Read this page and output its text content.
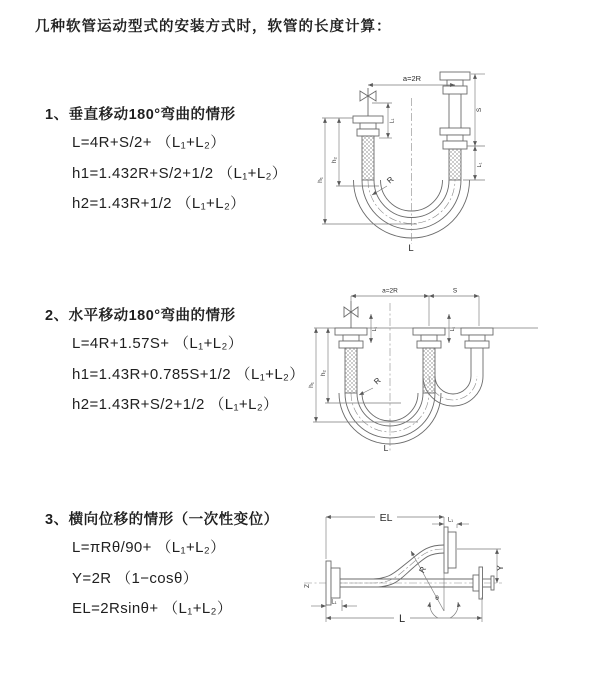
几种软管运动型式的安装方式时，软管的长度计算：

1、垂直移动180°弯曲的情形

L=4R+S/2+ （L₁+L₂）

h1=1.432R+S/2+1/2 （L₁+L₂）

h2=1.43R+1/2 （L₁+L₂）

2、水平移动180°弯曲的情形

L=4R+1.57S+ （L₁+L₂）

h1=1.43R+0.785S+1/2 （L₁+L₂）

h2=1.43R+S/2+1/2 （L₁+L₂）

3、横向位移的情形（一次性变位）

L=πRθ/90+ （L₁+L₂）

Y=2R （1−cosθ）

EL=2Rsinθ+ （L₁+L₂）

a=2R
h₁
h₂
L₁
S
L₁
R
L
a=2R	S
L₁	L₁
h₁
h₂
R
L
EL	L₁
Y
R
θ
Z
L₁
L
